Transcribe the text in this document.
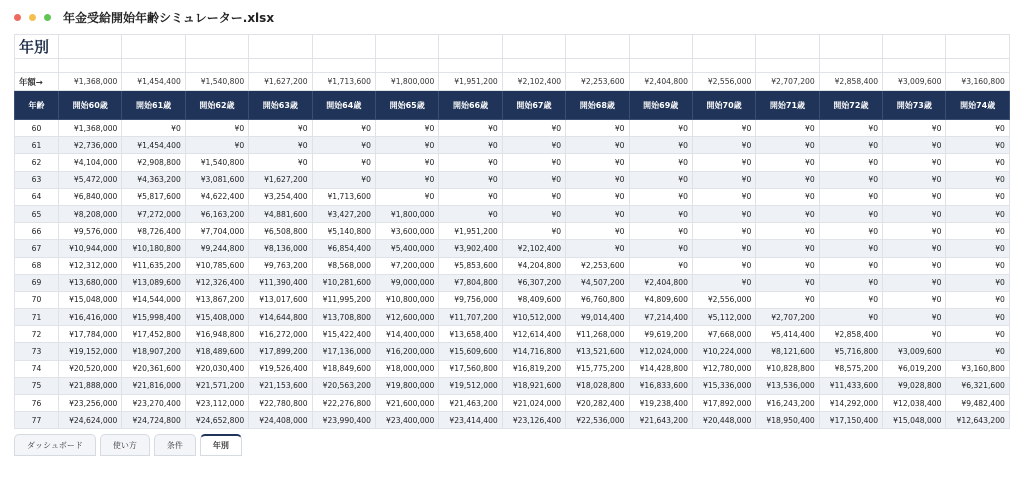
年金受給開始年齢シミュレーター.xlsx
年別															

年額→	¥1,368,000	¥1,454,400	¥1,540,800	¥1,627,200	¥1,713,600	¥1,800,000	¥1,951,200	¥2,102,400	¥2,253,600	¥2,404,800	¥2,556,000	¥2,707,200	¥2,858,400	¥3,009,600	¥3,160,800
年齢	開始60歳	開始61歳	開始62歳	開始63歳	開始64歳	開始65歳	開始66歳	開始67歳	開始68歳	開始69歳	開始70歳	開始71歳	開始72歳	開始73歳	開始74歳
60	¥1,368,000	¥0	¥0	¥0	¥0	¥0	¥0	¥0	¥0	¥0	¥0	¥0	¥0	¥0	¥0
61	¥2,736,000	¥1,454,400	¥0	¥0	¥0	¥0	¥0	¥0	¥0	¥0	¥0	¥0	¥0	¥0	¥0
62	¥4,104,000	¥2,908,800	¥1,540,800	¥0	¥0	¥0	¥0	¥0	¥0	¥0	¥0	¥0	¥0	¥0	¥0
63	¥5,472,000	¥4,363,200	¥3,081,600	¥1,627,200	¥0	¥0	¥0	¥0	¥0	¥0	¥0	¥0	¥0	¥0	¥0
64	¥6,840,000	¥5,817,600	¥4,622,400	¥3,254,400	¥1,713,600	¥0	¥0	¥0	¥0	¥0	¥0	¥0	¥0	¥0	¥0
65	¥8,208,000	¥7,272,000	¥6,163,200	¥4,881,600	¥3,427,200	¥1,800,000	¥0	¥0	¥0	¥0	¥0	¥0	¥0	¥0	¥0
66	¥9,576,000	¥8,726,400	¥7,704,000	¥6,508,800	¥5,140,800	¥3,600,000	¥1,951,200	¥0	¥0	¥0	¥0	¥0	¥0	¥0	¥0
67	¥10,944,000	¥10,180,800	¥9,244,800	¥8,136,000	¥6,854,400	¥5,400,000	¥3,902,400	¥2,102,400	¥0	¥0	¥0	¥0	¥0	¥0	¥0
68	¥12,312,000	¥11,635,200	¥10,785,600	¥9,763,200	¥8,568,000	¥7,200,000	¥5,853,600	¥4,204,800	¥2,253,600	¥0	¥0	¥0	¥0	¥0	¥0
69	¥13,680,000	¥13,089,600	¥12,326,400	¥11,390,400	¥10,281,600	¥9,000,000	¥7,804,800	¥6,307,200	¥4,507,200	¥2,404,800	¥0	¥0	¥0	¥0	¥0
70	¥15,048,000	¥14,544,000	¥13,867,200	¥13,017,600	¥11,995,200	¥10,800,000	¥9,756,000	¥8,409,600	¥6,760,800	¥4,809,600	¥2,556,000	¥0	¥0	¥0	¥0
71	¥16,416,000	¥15,998,400	¥15,408,000	¥14,644,800	¥13,708,800	¥12,600,000	¥11,707,200	¥10,512,000	¥9,014,400	¥7,214,400	¥5,112,000	¥2,707,200	¥0	¥0	¥0
72	¥17,784,000	¥17,452,800	¥16,948,800	¥16,272,000	¥15,422,400	¥14,400,000	¥13,658,400	¥12,614,400	¥11,268,000	¥9,619,200	¥7,668,000	¥5,414,400	¥2,858,400	¥0	¥0
73	¥19,152,000	¥18,907,200	¥18,489,600	¥17,899,200	¥17,136,000	¥16,200,000	¥15,609,600	¥14,716,800	¥13,521,600	¥12,024,000	¥10,224,000	¥8,121,600	¥5,716,800	¥3,009,600	¥0
74	¥20,520,000	¥20,361,600	¥20,030,400	¥19,526,400	¥18,849,600	¥18,000,000	¥17,560,800	¥16,819,200	¥15,775,200	¥14,428,800	¥12,780,000	¥10,828,800	¥8,575,200	¥6,019,200	¥3,160,800
75	¥21,888,000	¥21,816,000	¥21,571,200	¥21,153,600	¥20,563,200	¥19,800,000	¥19,512,000	¥18,921,600	¥18,028,800	¥16,833,600	¥15,336,000	¥13,536,000	¥11,433,600	¥9,028,800	¥6,321,600
76	¥23,256,000	¥23,270,400	¥23,112,000	¥22,780,800	¥22,276,800	¥21,600,000	¥21,463,200	¥21,024,000	¥20,282,400	¥19,238,400	¥17,892,000	¥16,243,200	¥14,292,000	¥12,038,400	¥9,482,400
77	¥24,624,000	¥24,724,800	¥24,652,800	¥24,408,000	¥23,990,400	¥23,400,000	¥23,414,400	¥23,126,400	¥22,536,000	¥21,643,200	¥20,448,000	¥18,950,400	¥17,150,400	¥15,048,000	¥12,643,200
ダッシュボード	使い方	条件	年別
